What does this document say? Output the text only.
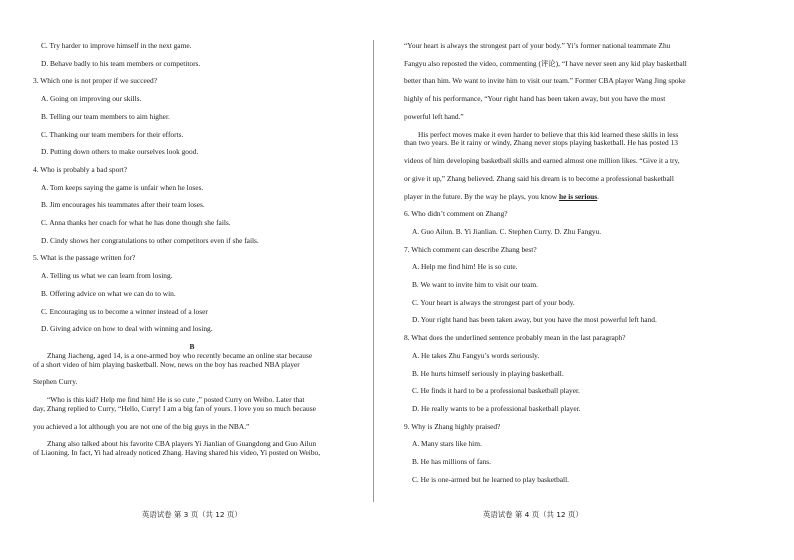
C. Try harder to improve himself in the next game.
D. Behave badly to his team members or competitors.
3. Which one is not proper if we succeed?
A. Going on improving our skills.
B. Telling our team members to aim higher.
C. Thanking our team members for their efforts.
D. Putting down others to make ourselves look good.
4. Who is probably a bad sport?
A. Tom keeps saying the game is unfair when he loses.
B. Jim encourages his teammates after their team loses.
C. Anna thanks her coach for what he has done though she fails.
D. Cindy shows her congratulations to other competitors even if she fails.
5. What is the passage written for?
A. Telling us what we can learn from losing.
B. Offering advice on what we can do to win.
C. Encouraging us to become a winner instead of a loser
D. Giving advice on how to deal with winning and losing.
B
Zhang Jiacheng, aged 14, is a one-armed boy who recently became an online star because
of a short video of him playing basketball. Now, news on the boy has reached NBA player
Stephen Curry.
“Who is this kid? Help me find him! He is so cute ,” posted Curry on Weibo. Later that
day, Zhang replied to Curry, “Hello, Curry! I am a big fan of yours. I love you so much because
you achieved a lot although you are not one of the big guys in the NBA.”
Zhang also talked about his favorite CBA players Yi Jianlian of Guangdong and Guo Ailun
of Liaoning. In fact, Yi had already noticed Zhang. Having shared his video, Yi posted on Weibo,
“Your heart is always the strongest part of your body.” Yi’s former national teammate Zhu
Fangyu also reposted the video, commenting (评论), “I have never seen any kid play basketball
better than him. We want to invite him to visit our team.” Former CBA player Wang Jing spoke
highly of his performance, “Your right hand has been taken away, but you have the most
powerful left hand.”
His perfect moves make it even harder to believe that this kid learned these skills in less
than two years. Be it rainy or windy, Zhang never stops playing basketball. He has posted 13
videos of him developing basketball skills and earned almost one million likes. “Give it a try,
or give it up,” Zhang believed. Zhang said his dream is to become a professional basketball
player in the future. By the way he plays, you know he is serious.
6. Who didn’t comment on Zhang?
A. Guo Ailun. B. Yi Jianlian. C. Stephen Curry. D. Zhu Fangyu.
7. Which comment can describe Zhang best?
A. Help me find him! He is so cute.
B. We want to invite him to visit our team.
C. Your heart is always the strongest part of your body.
D. Your right hand has been taken away, but you have the most powerful left hand.
8. What does the underlined sentence probably mean in the last paragraph?
A. He takes Zhu Fangyu’s words seriously.
B. He hurts himself seriously in playing basketball.
C. He finds it hard to be a professional basketball player.
D. He really wants to be a professional basketball player.
9. Why is Zhang highly praised?
A. Many stars like him.
B. He has millions of fans.
C. He is one-armed but he learned to play basketball.
英语试卷 第 3 页（共 12 页）	英语试卷 第 4 页（共 12 页）
